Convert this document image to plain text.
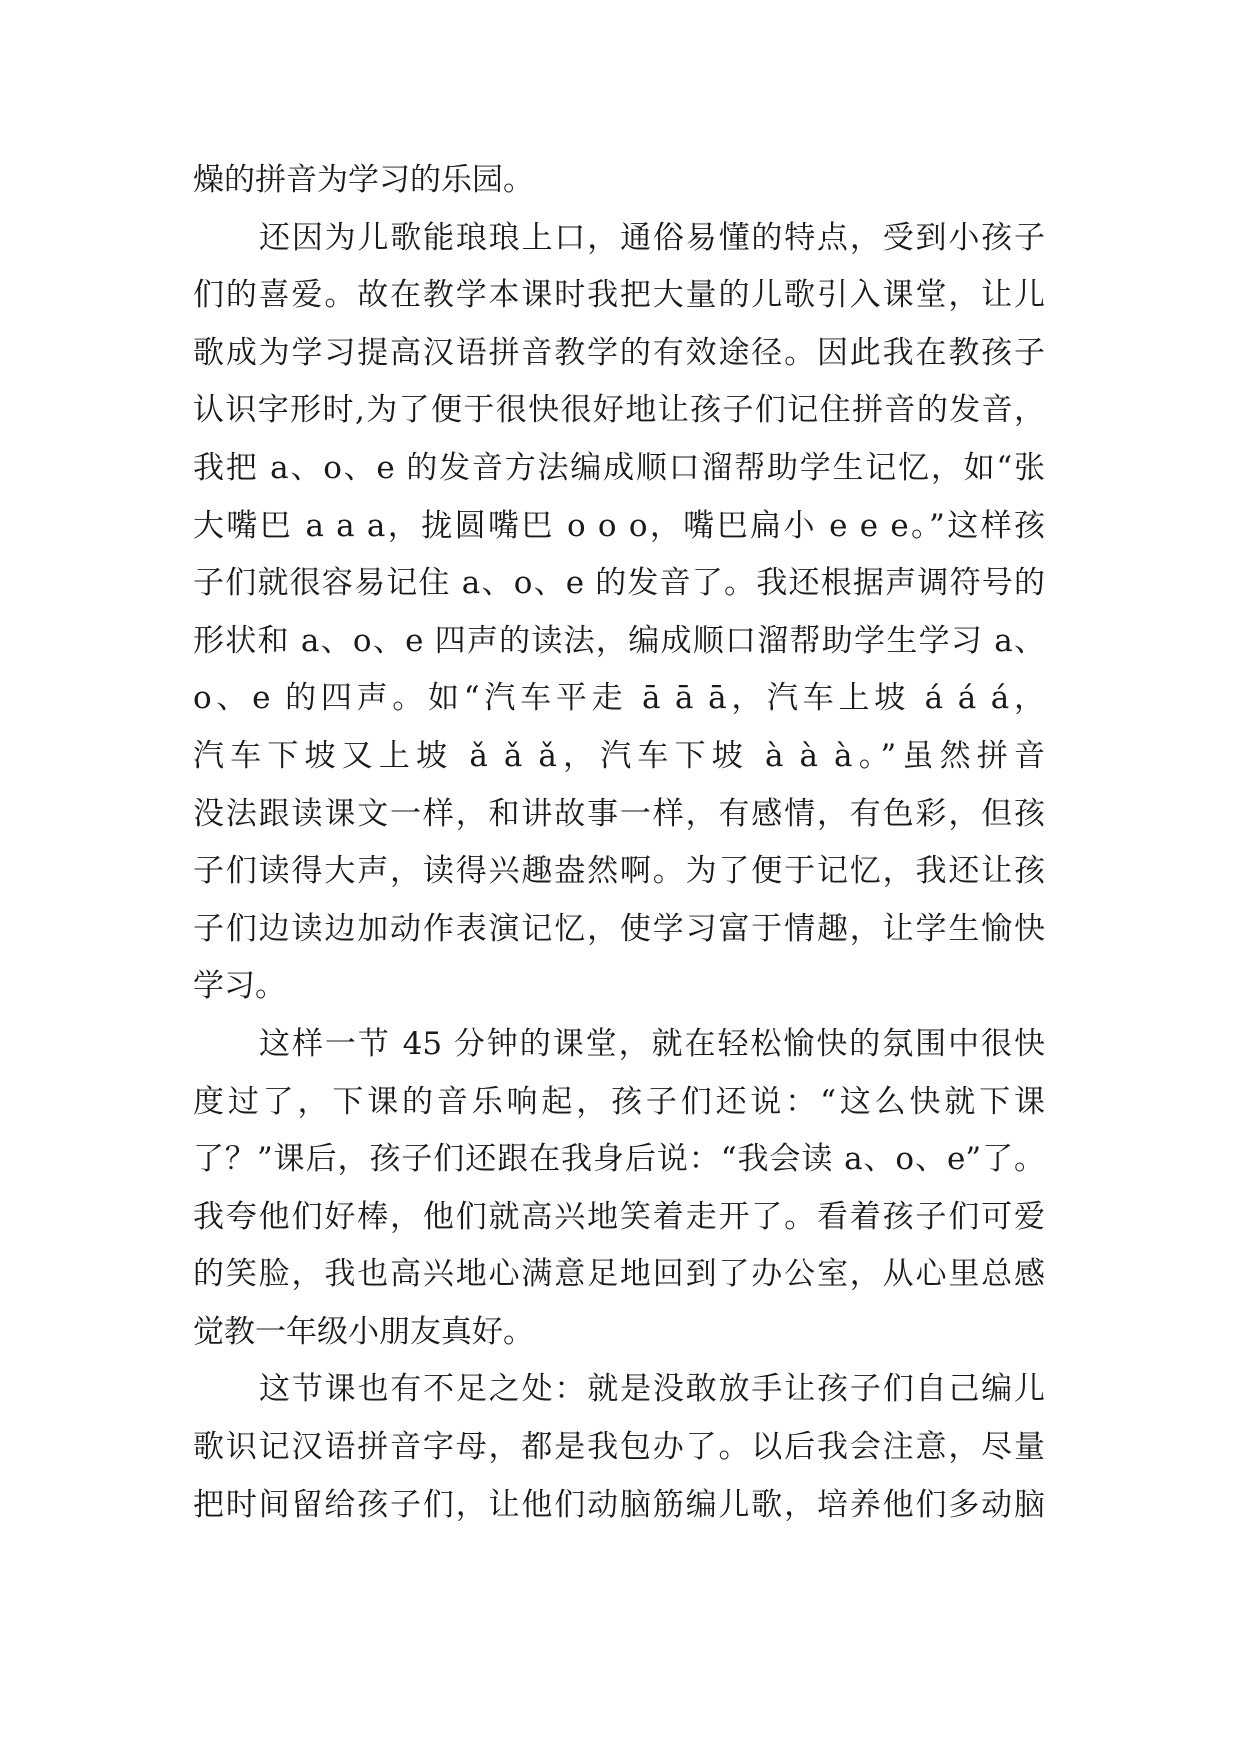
燥的拼音为学习的乐园。
还因为儿歌能琅琅上口，通俗易懂的特点，受到小孩子
们的喜爱。故在教学本课时我把大量的儿歌引入课堂，让儿
歌成为学习提高汉语拼音教学的有效途径。因此我在教孩子
认识字形时,为了便于很快很好地让孩子们记住拼音的发音，
我把 a、o、e 的发音方法编成顺口溜帮助学生记忆，如“张
大嘴巴 a a a，拢圆嘴巴 o o o，嘴巴扁小 e e e。”这样孩
子们就很容易记住 a、o、e 的发音了。我还根据声调符号的
形状和 a、o、e 四声的读法，编成顺口溜帮助学生学习 a、
o、e 的四声。如“汽车平走 ā ā ā，汽车上坡 á á á，
汽车下坡又上坡 ǎ ǎ ǎ，汽车下坡 à à à。”虽然拼音
没法跟读课文一样，和讲故事一样，有感情，有色彩，但孩
子们读得大声，读得兴趣盎然啊。为了便于记忆，我还让孩
子们边读边加动作表演记忆，使学习富于情趣，让学生愉快
学习。
这样一节 45 分钟的课堂，就在轻松愉快的氛围中很快
度过了，下课的音乐响起，孩子们还说：“这么快就下课
了？”课后，孩子们还跟在我身后说：“我会读 a、o、e”了。
我夸他们好棒，他们就高兴地笑着走开了。看着孩子们可爱
的笑脸，我也高兴地心满意足地回到了办公室，从心里总感
觉教一年级小朋友真好。
这节课也有不足之处：就是没敢放手让孩子们自己编儿
歌识记汉语拼音字母，都是我包办了。以后我会注意，尽量
把时间留给孩子们，让他们动脑筋编儿歌，培养他们多动脑
